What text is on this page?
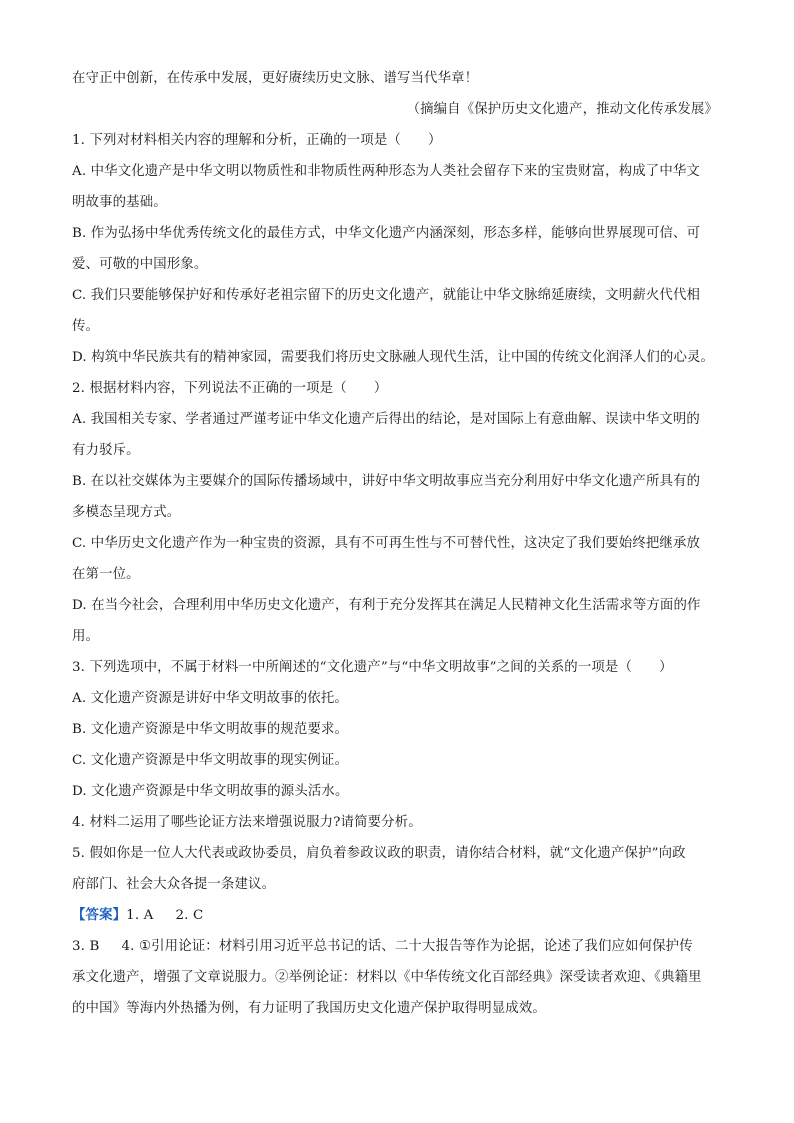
在守正中创新，在传承中发展，更好赓续历史文脉、谱写当代华章！
（摘编自《保护历史文化遗产，推动文化传承发展》
1. 下列对材料相关内容的理解和分析，正确的一项是（　　）
A. 中华文化遗产是中华文明以物质性和非物质性两种形态为人类社会留存下来的宝贵财富，构成了中华文
明故事的基础。
B. 作为弘扬中华优秀传统文化的最佳方式，中华文化遗产内涵深刻，形态多样，能够向世界展现可信、可
爱、可敬的中国形象。
C. 我们只要能够保护好和传承好老祖宗留下的历史文化遗产，就能让中华文脉绵延赓续，文明薪火代代相
传。
D. 构筑中华民族共有的精神家园，需要我们将历史文脉融人现代生活，让中国的传统文化润泽人们的心灵。
2. 根据材料内容，下列说法不正确的一项是（　　）
A. 我国相关专家、学者通过严谨考证中华文化遗产后得出的结论，是对国际上有意曲解、误读中华文明的
有力驳斥。
B. 在以社交媒体为主要媒介的国际传播场域中，讲好中华文明故事应当充分利用好中华文化遗产所具有的
多模态呈现方式。
C. 中华历史文化遗产作为一种宝贵的资源，具有不可再生性与不可替代性，这决定了我们要始终把继承放
在第一位。
D. 在当今社会，合理利用中华历史文化遗产，有利于充分发挥其在满足人民精神文化生活需求等方面的作
用。
3. 下列选项中，不属于材料一中所阐述的“文化遗产”与“中华文明故事”之间的关系的一项是（　　）
A. 文化遗产资源是讲好中华文明故事的依托。
B. 文化遗产资源是中华文明故事的规范要求。
C. 文化遗产资源是中华文明故事的现实例证。
D. 文化遗产资源是中华文明故事的源头活水。
4. 材料二运用了哪些论证方法来增强说服力?请简要分析。
5. 假如你是一位人大代表或政协委员，肩负着参政议政的职责，请你结合材料，就“文化遗产保护”向政
府部门、社会大众各提一条建议。
【答案】1. A 2. C
3. B 4. ①引用论证：材料引用习近平总书记的话、二十大报告等作为论据，论述了我们应如何保护传
承文化遗产，增强了文章说服力。②举例论证：材料以《中华传统文化百部经典》深受读者欢迎、《典籍里
的中国》等海内外热播为例，有力证明了我国历史文化遗产保护取得明显成效。
